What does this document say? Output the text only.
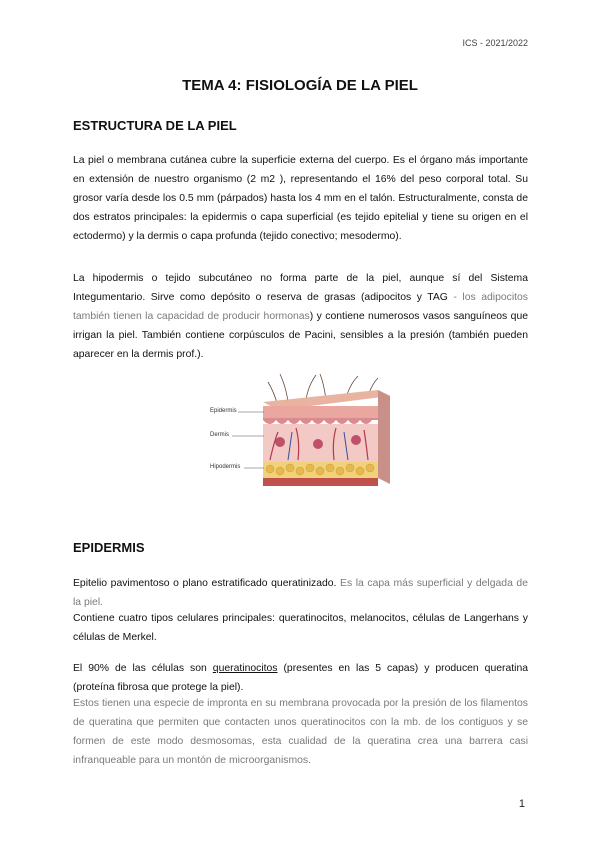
ICS - 2021/2022
TEMA 4: FISIOLOGÍA DE LA PIEL
ESTRUCTURA DE LA PIEL
La piel o membrana cutánea cubre la superficie externa del cuerpo. Es el órgano más importante en extensión de nuestro organismo (2 m2 ), representando el 16% del peso corporal total. Su grosor varía desde los 0.5 mm (párpados) hasta los 4 mm en el talón. Estructuralmente, consta de dos estratos principales: la epidermis o capa superficial (es tejido epitelial y tiene su origen en el ectodermo) y la dermis o capa profunda (tejido conectivo; mesodermo).
La hipodermis o tejido subcutáneo no forma parte de la piel, aunque sí del Sistema Integumentario. Sirve como depósito o reserva de grasas (adipocitos y TAG - los adipocitos también tienen la capacidad de producir hormonas) y contiene numerosos vasos sanguíneos que irrigan la piel. También contiene corpúsculos de Pacini, sensibles a la presión (también pueden aparecer en la dermis prof.).
Epidermis
Dermis
Hipodermis
EPIDERMIS
Epitelio pavimentoso o plano estratificado queratinizado. Es la capa más superficial y delgada de la piel.
Contiene cuatro tipos celulares principales: queratinocitos, melanocitos, células de Langerhans y células de Merkel.
El 90% de las células son queratinocitos (presentes en las 5 capas) y producen queratina (proteína fibrosa que protege la piel).
Estos tienen una especie de impronta en su membrana provocada por la presión de los filamentos de queratina que permiten que contacten unos queratinocitos con la mb. de los contiguos y se formen de este modo desmosomas, esta cualidad de la queratina crea una barrera casi infranqueable para un montón de microorganismos.
1
